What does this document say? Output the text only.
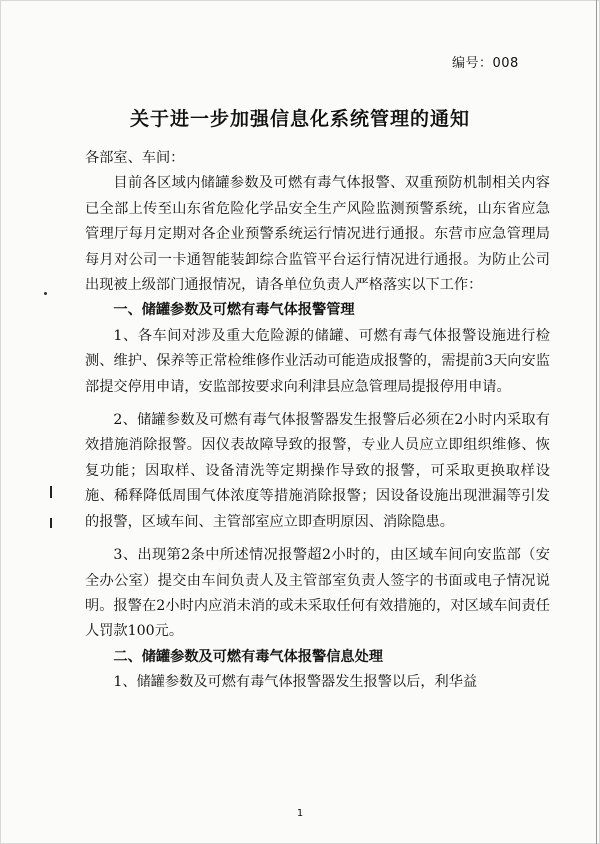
编号：008
关于进一步加强信息化系统管理的通知

各部室、车间：

目前各区域内储罐参数及可燃有毒气体报警、双重预防机制相关内容已全部上传至山东省危险化学品安全生产风险监测预警系统，山东省应急管理厅每月定期对各企业预警系统运行情况进行通报。东营市应急管理局每月对公司一卡通智能装卸综合监管平台运行情况进行通报。为防止公司出现被上级部门通报情况，请各单位负责人严格落实以下工作：

一、储罐参数及可燃有毒气体报警管理

1、各车间对涉及重大危险源的储罐、可燃有毒气体报警设施进行检测、维护、保养等正常检维修作业活动可能造成报警的，需提前3天向安监部提交停用申请，安监部按要求向利津县应急管理局提报停用申请。

2、储罐参数及可燃有毒气体报警器发生报警后必须在2小时内采取有效措施消除报警。因仪表故障导致的报警，专业人员应立即组织维修、恢复功能；因取样、设备清洗等定期操作导致的报警，可采取更换取样设施、稀释降低周围气体浓度等措施消除报警；因设备设施出现泄漏等引发的报警，区域车间、主管部室应立即查明原因、消除隐患。

3、出现第2条中所述情况报警超2小时的，由区域车间向安监部（安全办公室）提交由车间负责人及主管部室负责人签字的书面或电子情况说明。报警在2小时内应消未消的或未采取任何有效措施的，对区域车间责任人罚款100元。

二、储罐参数及可燃有毒气体报警信息处理

1、储罐参数及可燃有毒气体报警器发生报警以后，利华益

1
